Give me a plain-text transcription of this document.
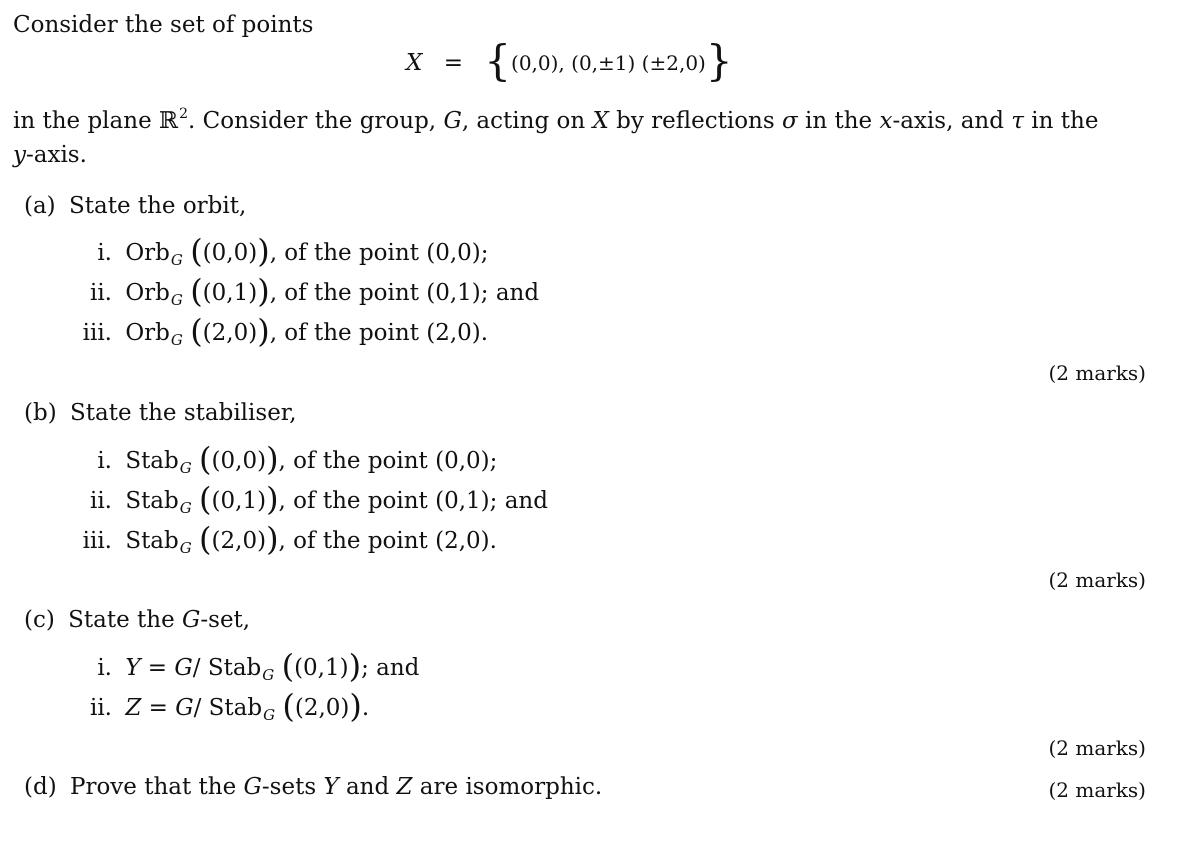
Consider the set of points
X = {(0,0), (0,±1) (±2,0)}
in the plane ℝ$^2$. Consider the group, G, acting on X by reflections σ in the x-axis, and τ in the
y-axis.
(a) State the orbit,
i. Orb$_G$ ((0,0)), of the point (0,0);
ii. Orb$_G$ ((0,1)), of the point (0,1); and
iii. Orb$_G$ ((2,0)), of the point (2,0).
(2 marks)
(b) State the stabiliser,
i. Stab$_G$ ((0,0)), of the point (0,0);
ii. Stab$_G$ ((0,1)), of the point (0,1); and
iii. Stab$_G$ ((2,0)), of the point (2,0).
(2 marks)
(c) State the G-set,
i. Y = G/ Stab$_G$ ((0,1)); and
ii. Z = G/ Stab$_G$ ((2,0)).
(2 marks)
(d) Prove that the G-sets Y and Z are isomorphic.	(2 marks)
